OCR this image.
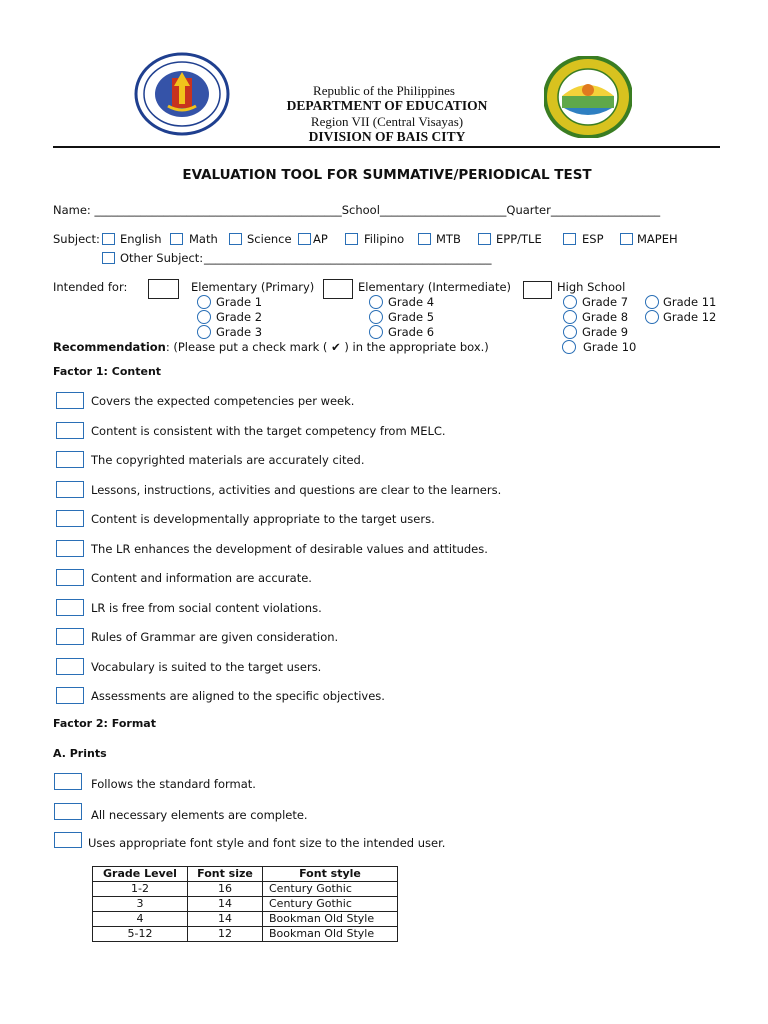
Republic of the Philippines
DEPARTMENT OF EDUCATION
Region VII (Central Visayas)
DIVISION OF BAIS CITY
EVALUATION TOOL FOR SUMMATIVE/PERIODICAL TEST
Name: ___________________________________________School______________________Quarter___________________
Subject: English Math	Science AP	Filipino	MTB	EPP/TLE	ESP	MAPEH
Other Subject: __________________________________________________
Intended for:	Elementary (Primary)	Elementary (Intermediate)	High School
Grade 1
Grade 2
Grade 3
Grade 4
Grade 5
Grade 6
Grade 7
Grade 8
Grade 9
Grade 10
Grade 11
Grade 12
Recommendation: (Please put a check mark ( ✔ ) in the appropriate box.)
Factor 1: Content
Covers the expected competencies per week.
Content is consistent with the target competency from MELC.
The copyrighted materials are accurately cited.
Lessons, instructions, activities and questions are clear to the learners.
Content is developmentally appropriate to the target users.
The LR enhances the development of desirable values and attitudes.
Content and information are accurate.
LR is free from social content violations.
Rules of Grammar are given consideration.
Vocabulary is suited to the target users.
Assessments are aligned to the specific objectives.
Factor 2: Format
A. Prints
Follows the standard format.
All necessary elements are complete.
Uses appropriate font style and font size to the intended user.
Grade Level	Font size	Font style
1-2	16	Century Gothic
3	14	Century Gothic
4	14	Bookman Old Style
5-12	12	Bookman Old Style
